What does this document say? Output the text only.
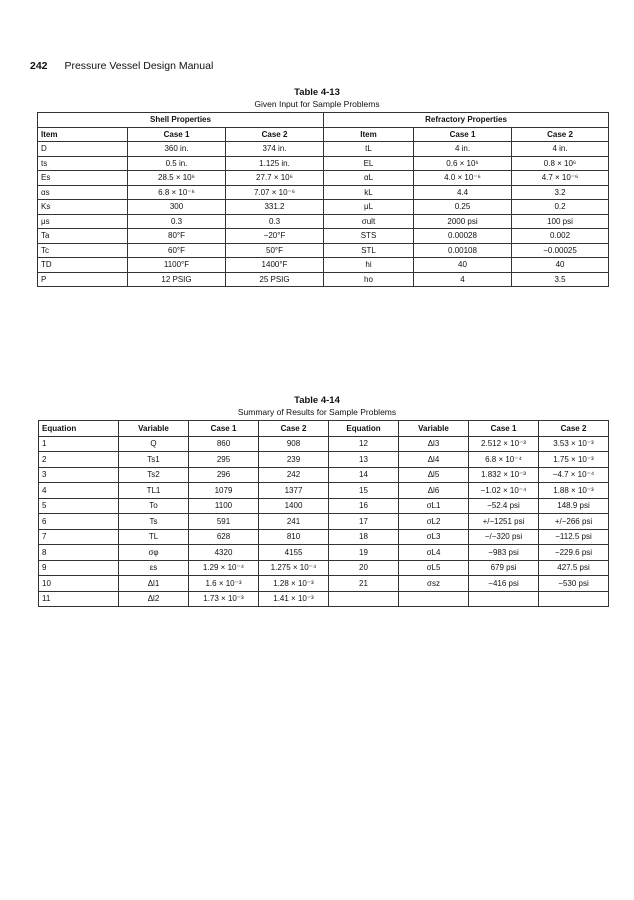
242 Pressure Vessel Design Manual
Table 4-13
Given Input for Sample Problems
Shell Properties			Refractory Properties		
Item	Case 1	Case 2	Item	Case 1	Case 2
D	360 in.	374 in.	tL	4 in.	4 in.
ts	0.5 in.	1.125 in.	EL	0.6 × 10⁶	0.8 × 10⁶
Es	28.5 × 10⁶	27.7 × 10⁶	αL	4.0 × 10⁻⁶	4.7 × 10⁻⁶
αs	6.8 × 10⁻⁶	7.07 × 10⁻⁶	kL	4.4	3.2
Ks	300	331.2	μL	0.25	0.2
μs	0.3	0.3	σult	2000 psi	100 psi
Ta	80°F	−20°F	STS	0.00028	0.002
Tc	60°F	50°F	STL	0.00108	−0.00025
TD	1100°F	1400°F	hi	40	40
P	12 PSIG	25 PSIG	ho	4	3.5
Table 4-14
Summary of Results for Sample Problems
Equation	Variable	Case 1	Case 2	Equation	Variable	Case 1	Case 2
1	Q	860	908	12	Δl3	2.512 × 10⁻³	3.53 × 10⁻³
2	Ts1	295	239	13	Δl4	6.8 × 10⁻⁴	1.75 × 10⁻³
3	Ts2	296	242	14	Δl5	1.832 × 10⁻³	−4.7 × 10⁻⁴
4	TL1	1079	1377	15	Δl6	−1.02 × 10⁻⁴	1.88 × 10⁻³
5	To	1100	1400	16	σL1	−52.4 psi	148.9 psi
6	Ts	591	241	17	σL2	+/−1251 psi	+/−266 psi
7	TL	628	810	18	σL3	−/−320 psi	−112.5 psi
8	σφ	4320	4155	19	σL4	−983 psi	−229.6 psi
9	εs	1.29 × 10⁻⁴	1.275 × 10⁻⁴	20	σL5	679 psi	427.5 psi
10	Δl1	1.6 × 10⁻³	1.28 × 10⁻³	21	σsz	−416 psi	−530 psi
11	Δl2	1.73 × 10⁻³	1.41 × 10⁻³				
